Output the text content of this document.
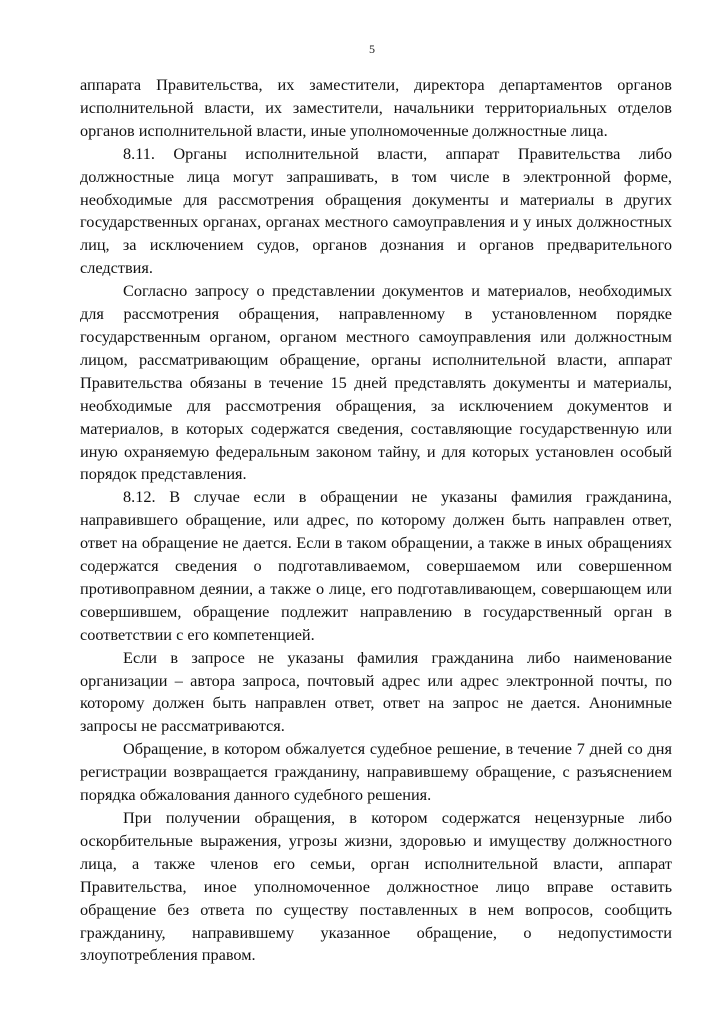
5

аппарата Правительства, их заместители, директора департаментов органов исполнительной власти, их заместители, начальники территориальных отделов органов исполнительной власти, иные уполномоченные должностные лица.

8.11. Органы исполнительной власти, аппарат Правительства либо должностные лица могут запрашивать, в том числе в электронной форме, необходимые для рассмотрения обращения документы и материалы в других государственных органах, органах местного самоуправления и у иных должностных лиц, за исключением судов, органов дознания и органов предварительного следствия.

Согласно запросу о представлении документов и материалов, необходимых для рассмотрения обращения, направленному в установленном порядке государственным органом, органом местного самоуправления или должностным лицом, рассматривающим обращение, органы исполнительной власти, аппарат Правительства обязаны в течение 15 дней представлять документы и материалы, необходимые для рассмотрения обращения, за исключением документов и материалов, в которых содержатся сведения, составляющие государственную или иную охраняемую федеральным законом тайну, и для которых установлен особый порядок представления.

8.12. В случае если в обращении не указаны фамилия гражданина, направившего обращение, или адрес, по которому должен быть направлен ответ, ответ на обращение не дается. Если в таком обращении, а также в иных обращениях содержатся сведения о подготавливаемом, совершаемом или совершенном противоправном деянии, а также о лице, его подготавливающем, совершающем или совершившем, обращение подлежит направлению в государственный орган в соответствии с его компетенцией.

Если в запросе не указаны фамилия гражданина либо наименование организации – автора запроса, почтовый адрес или адрес электронной почты, по которому должен быть направлен ответ, ответ на запрос не дается. Анонимные запросы не рассматриваются.

Обращение, в котором обжалуется судебное решение, в течение 7 дней со дня регистрации возвращается гражданину, направившему обращение, с разъяснением порядка обжалования данного судебного решения.

При получении обращения, в котором содержатся нецензурные либо оскорбительные выражения, угрозы жизни, здоровью и имуществу должностного лица, а также членов его семьи, орган исполнительной власти, аппарат Правительства, иное уполномоченное должностное лицо вправе оставить обращение без ответа по существу поставленных в нем вопросов, сообщить гражданину, направившему указанное обращение, о недопустимости злоупотребления правом.
